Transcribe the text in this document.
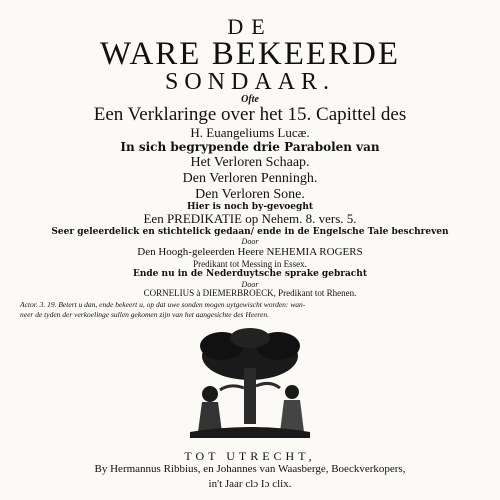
DE
WARE BEKEERDE
SONDAAR.
Ofte
Een Verklaringe over het 15. Capittel des
H. Euangeliums Lucæ.
In sich begrypende drie Parabolen van
Het Verloren Schaap.
Den Verloren Penningh.
Den Verloren Sone.
Hier is noch by-gevoeght
Een PREDIKATIE op Nehem. 8. vers. 5.
Seer geleerdelick en stichtelick gedaan/ ende in de Engelsche Tale beschreven
Door
Den Hoogh-geleerden Heere NEHEMIA ROGERS
Predikant tot Messing in Essex.
Ende nu in de Nederduytsche sprake gebracht
Door
CORNELIUS à DIEMERBROECK, Predikant tot Rhenen.
Actor. 3. 19. Betert u dan, ende bekeert u, op dat uwe sonden mogen uytgewischt worden: wan-
neer de tyden der verkoelinge sullen gekomen zijn van het aangesichte des Heeren.
TOT UTRECHT,
By Hermannus Ribbius, en Johannes van Waasberge, Boeckverkopers,
in't Jaar clɔ Iɔ clix.
